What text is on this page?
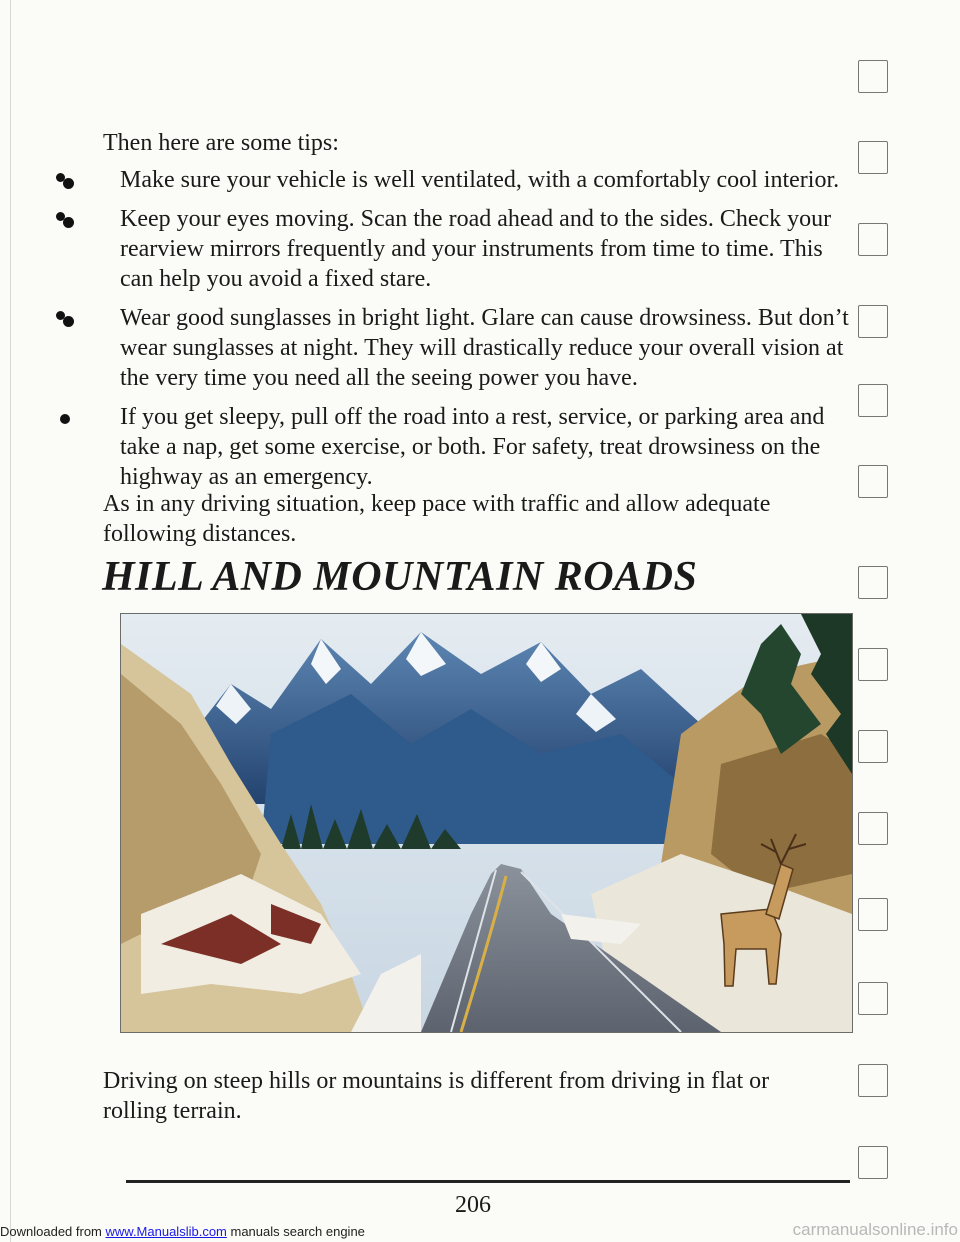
Then here are some tips:

Make sure your vehicle is well ventilated, with a comfortably cool interior.
Keep your eyes moving. Scan the road ahead and to the sides. Check your rearview mirrors frequently and your instruments from time to time. This can help you avoid a fixed stare.
Wear good sunglasses in bright light. Glare can cause drowsiness. But don’t wear sunglasses at night. They will drastically reduce your overall vision at the very time you need all the seeing power you have.
If you get sleepy, pull off the road into a rest, service, or parking area and take a nap, get some exercise, or both. For safety, treat drowsiness on the highway as an emergency.

As in any driving situation, keep pace with traffic and allow adequate following distances.

HILL AND MOUNTAIN ROADS

Driving on steep hills or mountains is different from driving in flat or rolling terrain.

206
Downloaded from www.Manualslib.com manuals search engine	carmanualsonline.info
